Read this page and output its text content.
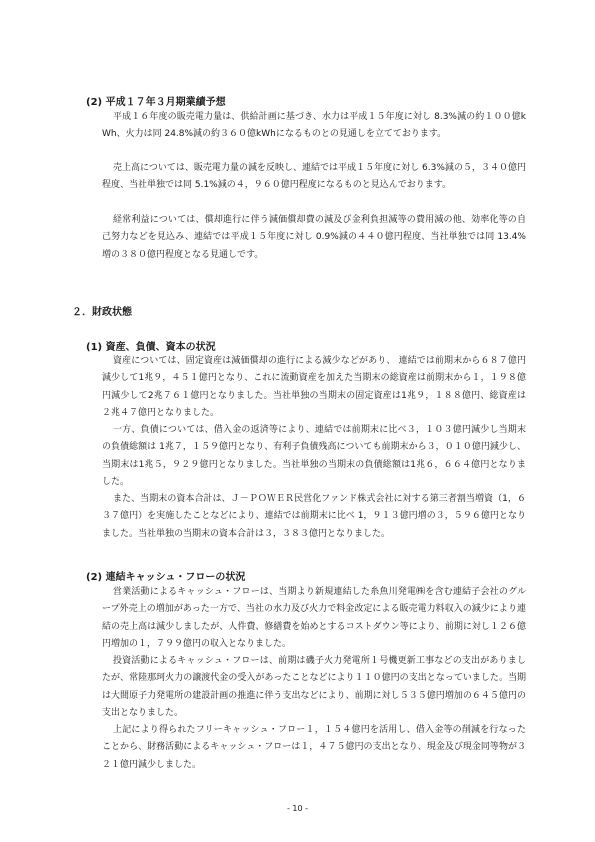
(2) 平成１７年３月期業績予想

平成１６年度の販売電力量は、供給計画に基づき、水力は平成１５年度に対し 8.3%減の約１００億kWh、火力は同 24.8%減の約３６０億kWhになるものとの見通しを立てております。

売上高については、販売電力量の減を反映し、連結では平成１５年度に対し 6.3%減の５，３４０億円程度、当社単独では同 5.1%減の４，９６０億円程度になるものと見込んでおります。

経常利益については、償却進行に伴う減価償却費の減及び金利負担減等の費用減の他、効率化等の自己努力などを見込み、連結では平成１５年度に対し 0.9%減の４４０億円程度、当社単独では同 13.4%増の３８０億円程度となる見通しです。

２．財政状態
(1) 資産、負債、資本の状況

資産については、固定資産は減価償却の進行による減少などがあり、 連結では前期末から６８７億円減少して1兆９，４５１億円となり、これに流動資産を加えた当期末の総資産は前期末から１，１９８億円減少して2兆７６１億円となりました。当社単独の当期末の固定資産は1兆９，１８８億円、総資産は２兆４７億円となりました。

一方、負債については、借入金の返済等により、連結では前期末に比べ３，１０３億円減少し当期末の負債総額は 1兆７，１５９億円となり、有利子負債残高についても前期末から３，０１０億円減少し、当期末は1兆５，９２９億円となりました。当社単独の当期末の負債総額は1兆６，６６４億円となりました。

また、当期末の資本合計は、Ｊ－ＰＯＷＥＲ民営化ファンド株式会社に対する第三者割当増資（1，６３７億円）を実施したことなどにより、連結では前期末に比べ 1，９１３億円増の３，５９６億円となりました。当社単独の当期末の資本合計は３，３８３億円となりました。

(2) 連結キャッシュ・フローの状況

営業活動によるキャッシュ・フローは、当期より新規連結した糸魚川発電㈱を含む連結子会社のグループ外売上の増加があった一方で、当社の水力及び火力で料金改定による販売電力料収入の減少により連結の売上高は減少しましたが、人件費、修繕費を始めとするコストダウン等により、前期に対し１２６億円増加の１，７９９億円の収入となりました。

投資活動によるキャッシュ・フローは、前期は磯子火力発電所１号機更新工事などの支出がありましたが、常陸那珂火力の譲渡代金の受入があったことなどにより１１０億円の支出となっていました。当期は大間原子力発電所の建設計画の推進に伴う支出などにより、前期に対し５３５億円増加の６４５億円の支出となりました。

上記により得られたフリーキャッシュ・フロー１，１５４億円を活用し、借入金等の削減を行なったことから、財務活動によるキャッシュ・フローは１，４７５億円の支出となり、現金及び現金同等物が３２１億円減少しました。

- 10 -
